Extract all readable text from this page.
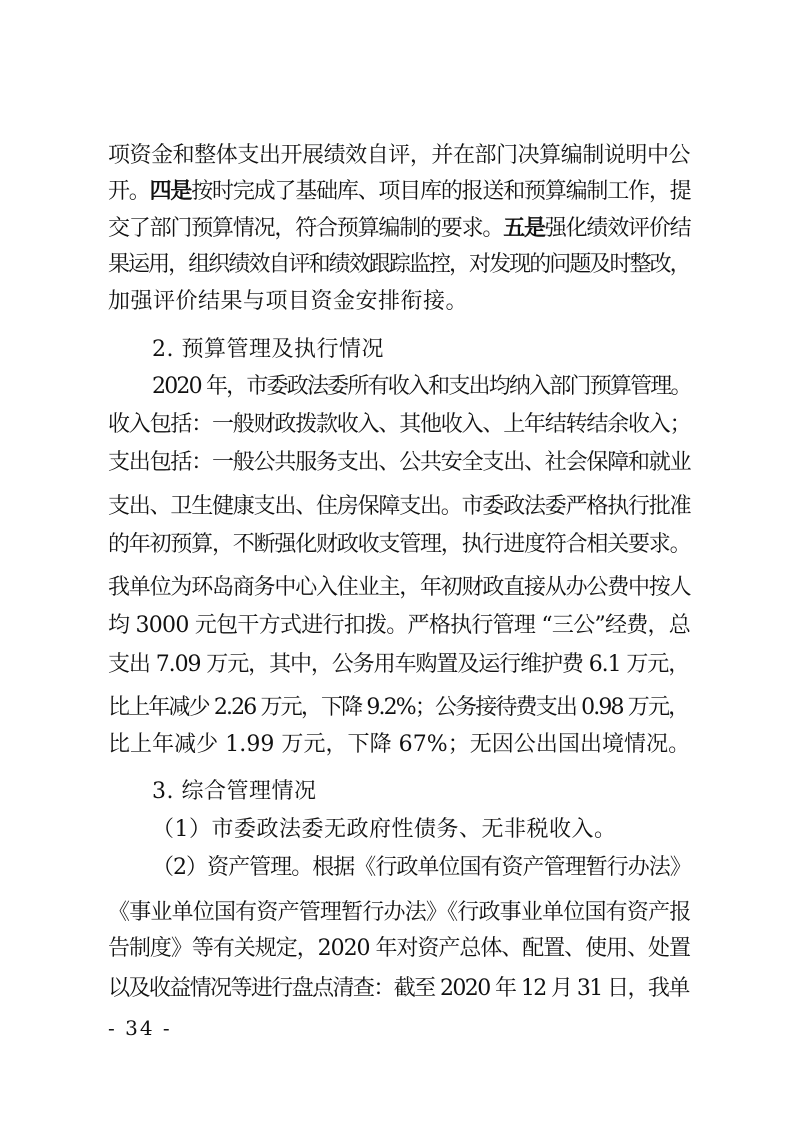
项资金和整体支出开展绩效自评，并在部门决算编制说明中公
开。四是按时完成了基础库、项目库的报送和预算编制工作，提
交了部门预算情况，符合预算编制的要求。五是强化绩效评价结
果运用，组织绩效自评和绩效跟踪监控，对发现的问题及时整改，
加强评价结果与项目资金安排衔接。
2. 预算管理及执行情况
2020 年，市委政法委所有收入和支出均纳入部门预算管理。
收入包括：一般财政拨款收入、其他收入、上年结转结余收入；
支出包括：一般公共服务支出、公共安全支出、社会保障和就业
支出、卫生健康支出、住房保障支出。市委政法委严格执行批准
的年初预算，不断强化财政收支管理，执行进度符合相关要求。
我单位为环岛商务中心入住业主，年初财政直接从办公费中按人
均 3000 元包干方式进行扣拨。严格执行管理 “三公”经费，总
支出 7.09 万元，其中，公务用车购置及运行维护费 6.1 万元，
比上年减少 2.26 万元，下降 9.2%；公务接待费支出 0.98 万元，
比上年减少 1.99 万元，下降 67%；无因公出国出境情况。
3. 综合管理情况
（1）市委政法委无政府性债务、无非税收入。
（2）资产管理。根据《行政单位国有资产管理暂行办法》
《事业单位国有资产管理暂行办法》《行政事业单位国有资产报
告制度》等有关规定，2020 年对资产总体、配置、使用、处置
以及收益情况等进行盘点清查：截至 2020 年 12 月 31 日，我单
- 34 -
